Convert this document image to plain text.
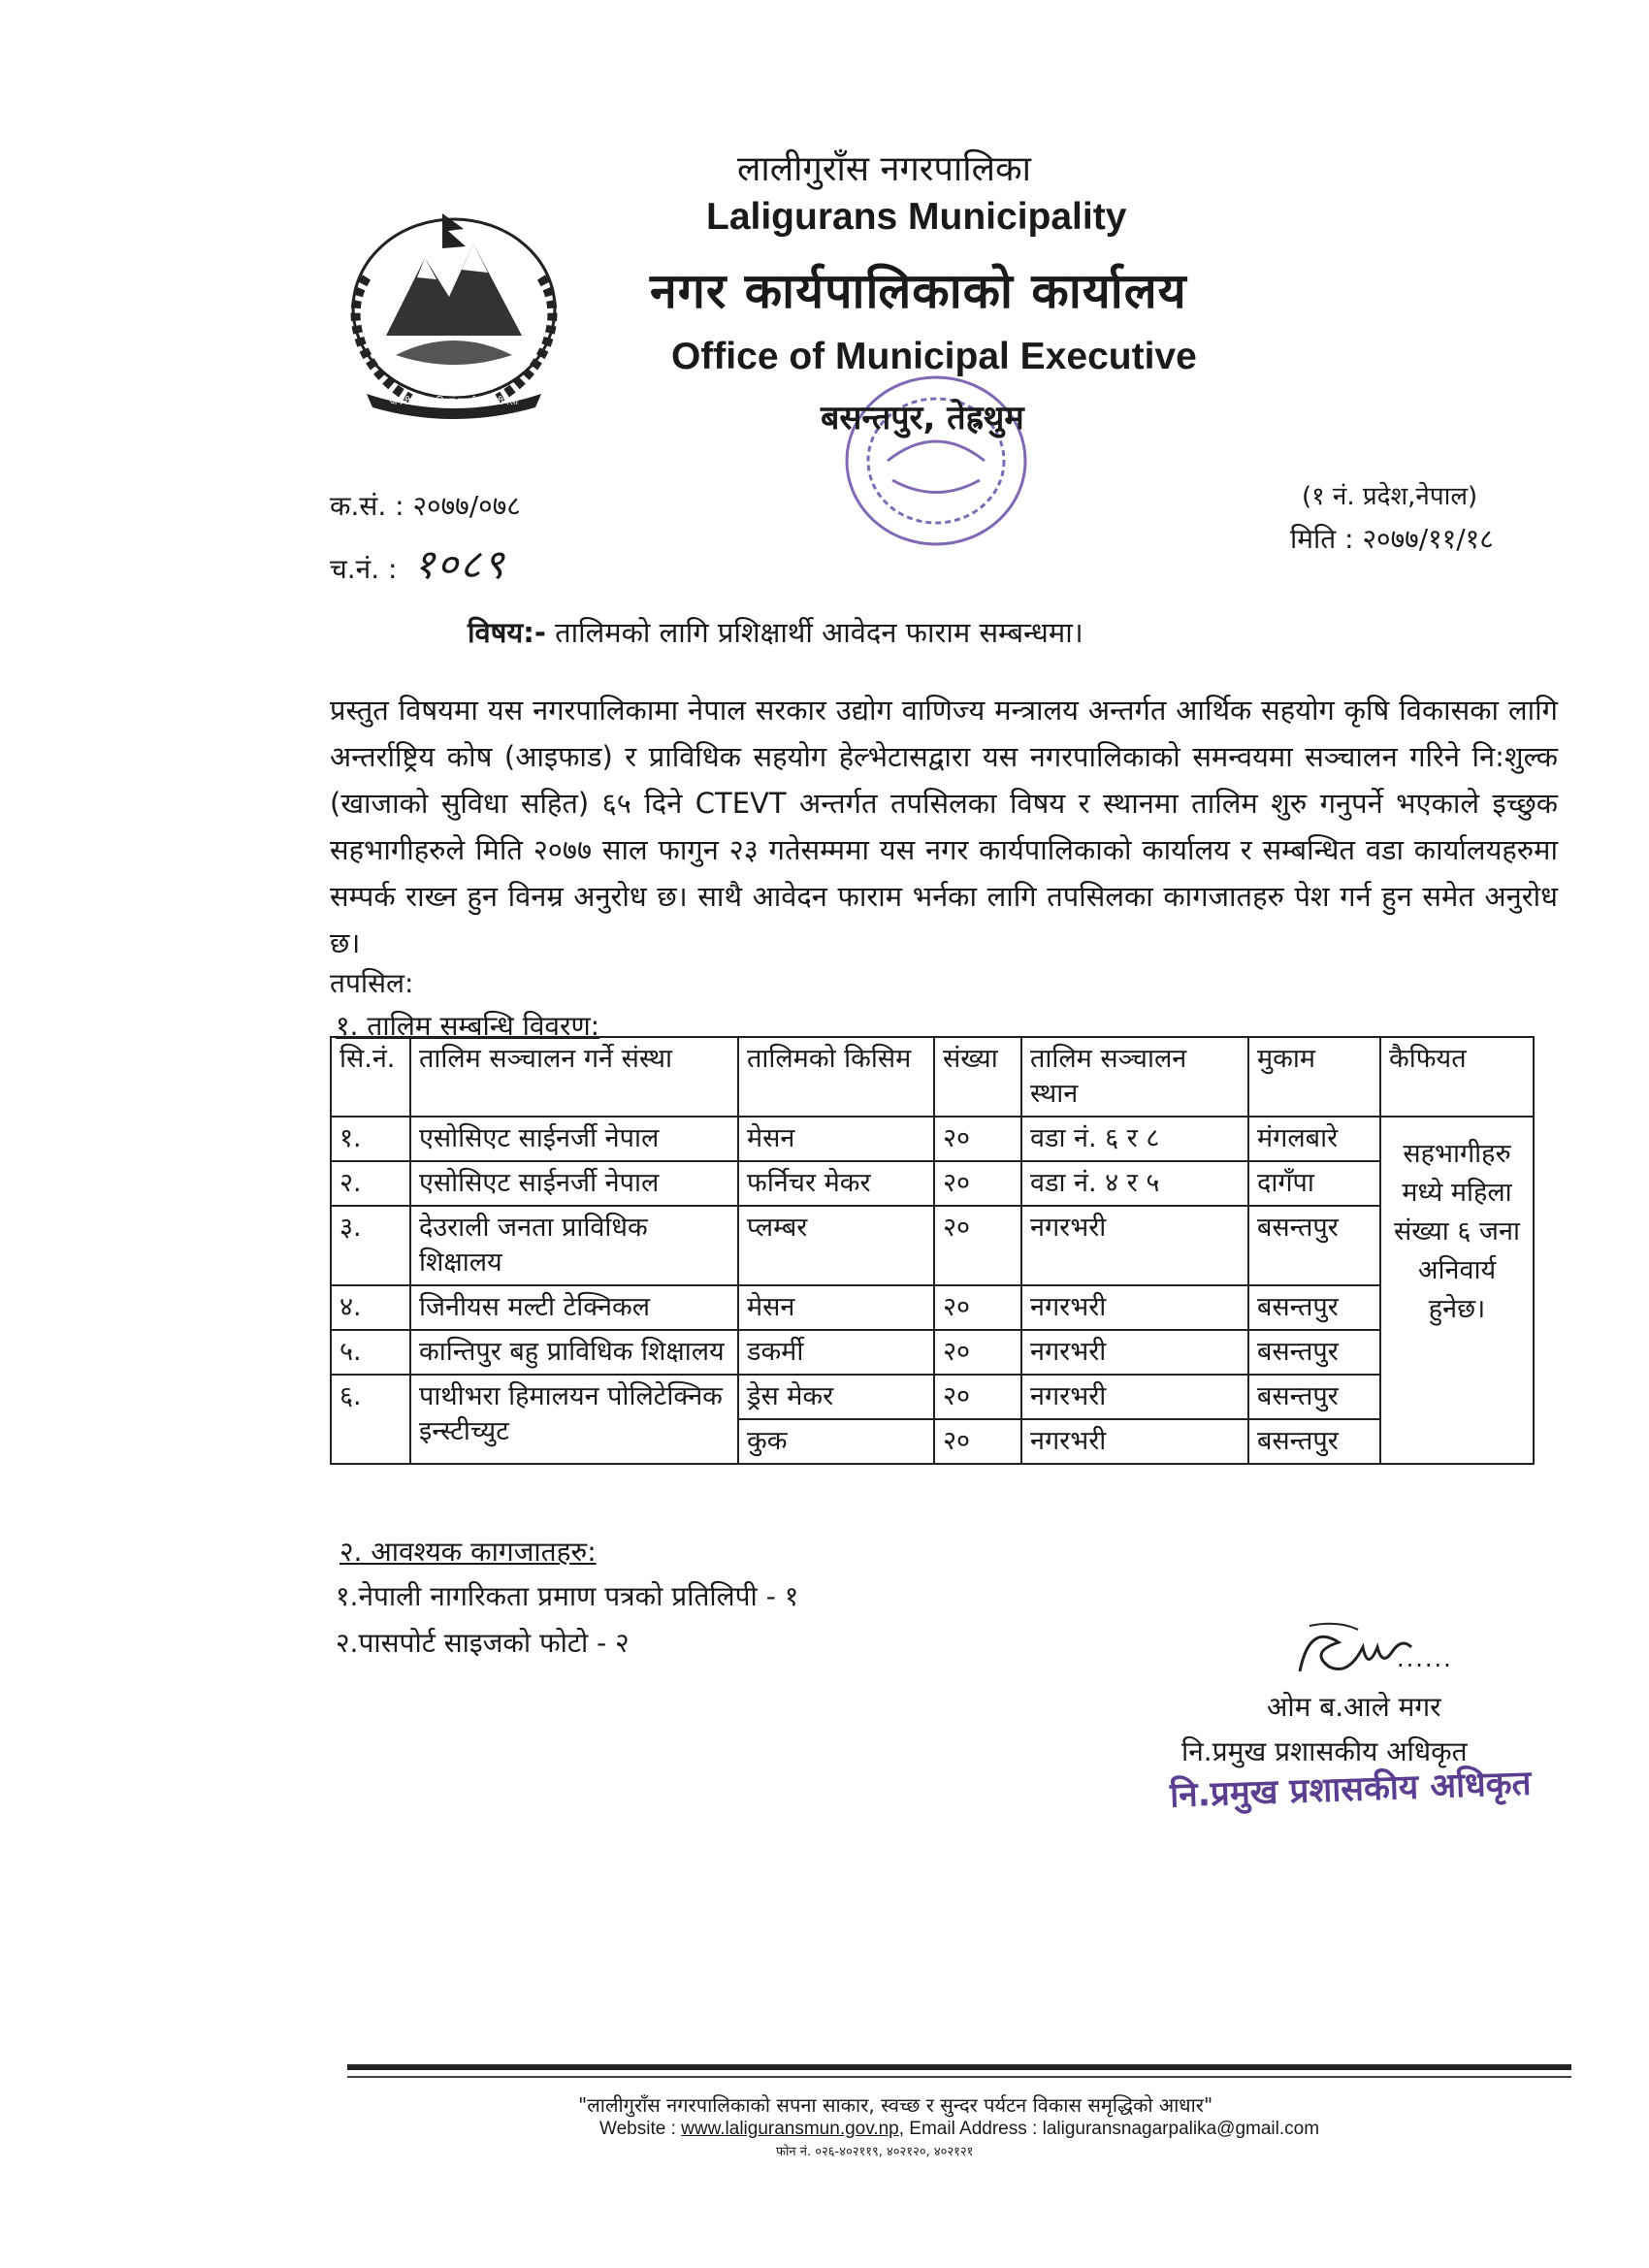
जननी जन्मभूमिश्च स्वर्गादपि गरीयसी
लालीगुराँस नगरपालिका
Laligurans Municipality
नगर कार्यपालिकाको कार्यालय
Office of Municipal Executive
बसन्तपुर, तेह्रथुम
क.सं. : २०७७/०७८
च.नं. : १०८९
(१ नं. प्रदेश,नेपाल)
मिति : २०७७/११/१८
विषय:- तालिमको लागि प्रशिक्षार्थी आवेदन फाराम सम्बन्धमा।
प्रस्तुत विषयमा यस नगरपालिकामा नेपाल सरकार उद्योग वाणिज्य मन्त्रालय अन्तर्गत आर्थिक सहयोग कृषि विकासका लागि अन्तर्राष्ट्रिय कोष (आइफाड) र प्राविधिक सहयोग हेल्भेटासद्वारा यस नगरपालिकाको समन्वयमा सञ्चालन गरिने नि:शुल्क (खाजाको सुविधा सहित) ६५ दिने CTEVT अन्तर्गत तपसिलका विषय र स्थानमा तालिम शुरु गनुपर्ने भएकाले इच्छुक सहभागीहरुले मिति २०७७ साल फागुन २३ गतेसम्ममा यस नगर कार्यपालिकाको कार्यालय र सम्बन्धित वडा कार्यालयहरुमा सम्पर्क राख्न हुन विनम्र अनुरोध छ। साथै आवेदन फाराम भर्नका लागि तपसिलका कागजातहरु पेश गर्न हुन समेत अनुरोध छ।
तपसिल:
१. तालिम सम्बन्धि विवरण:
सि.नं.	तालिम सञ्चालन गर्ने संस्था	तालिमको किसिम	संख्या	तालिम सञ्चालन स्थान	मुकाम	कैफियत
१.	एसोसिएट साईनर्जी नेपाल	मेसन	२०	वडा नं. ६ र ८	मंगलबारे	सहभागीहरु मध्ये महिला संख्या ६ जना अनिवार्य हुनेछ।
२.	एसोसिएट साईनर्जी नेपाल	फर्निचर मेकर	२०	वडा नं. ४ र ५	दागँपा	
३.	देउराली जनता प्राविधिक शिक्षालय	प्लम्बर	२०	नगरभरी	बसन्तपुर	
४.	जिनीयस मल्टी टेक्निकल	मेसन	२०	नगरभरी	बसन्तपुर	
५.	कान्तिपुर बहु प्राविधिक शिक्षालय	डकर्मी	२०	नगरभरी	बसन्तपुर	
६.	पाथीभरा हिमालयन पोलिटेक्निक इन्स्टीच्युट	ड्रेस मेकर	२०	नगरभरी	बसन्तपुर	
		कुक	२०	नगरभरी	बसन्तपुर	
२. आवश्यक कागजातहरु:
१.नेपाली नागरिकता प्रमाण पत्रको प्रतिलिपी - १
२.पासपोर्ट साइजको फोटो - २	......
ओम ब.आले मगर
नि.प्रमुख प्रशासकीय अधिकृत
नि.प्रमुख प्रशासकीय अधिकृत
"लालीगुराँस नगरपालिकाको सपना साकार, स्वच्छ र सुन्दर पर्यटन विकास समृद्धिको आधार"
Website : www.laliguransmun.gov.np, Email Address : laliguransnagarpalika@gmail.com
फोन नं. ०२६-४०२११९, ४०२१२०, ४०२१२१
